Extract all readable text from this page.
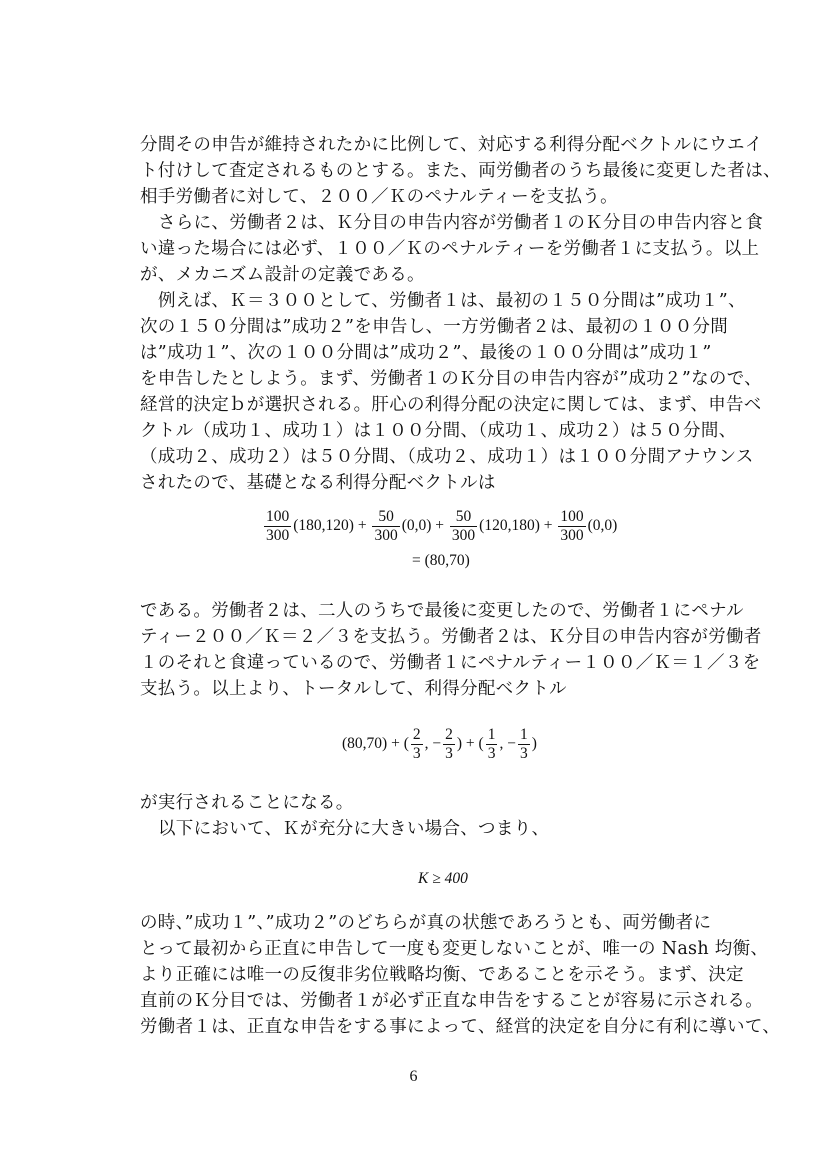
分間その申告が維持されたかに比例して、対応する利得分配ベクトルにウエイ
ト付けして査定されるものとする。また、両労働者のうち最後に変更した者は、
相手労働者に対して、２００／Ｋのペナルティーを支払う。
さらに、労働者２は、Ｋ分目の申告内容が労働者１のＫ分目の申告内容と食
い違った場合には必ず、１００／Ｋのペナルティーを労働者１に支払う。以上
が、メカニズム設計の定義である。
例えば、Ｋ＝３００として、労働者１は、最初の１５０分間は”成功１”、
次の１５０分間は”成功２”を申告し、一方労働者２は、最初の１００分間
は”成功１”、次の１００分間は”成功２”、最後の１００分間は”成功１”
を申告したとしよう。まず、労働者１のＫ分目の申告内容が”成功２”なので、
経営的決定ｂが選択される。肝心の利得分配の決定に関しては、まず、申告ベ
クトル（成功１、成功１）は１００分間、（成功１、成功２）は５０分間、
（成功２、成功２）は５０分間、（成功２、成功１）は１００分間アナウンス
されたので、基礎となる利得分配ベクトルは
$\frac{100}{300} (180,120) + \frac{50}{300} (0,0) + \frac{50}{300} (120,180) + \frac{100}{300} (0,0)$
= (80,70)
である。労働者２は、二人のうちで最後に変更したので、労働者１にペナル
ティー２００／Ｋ＝２／３を支払う。労働者２は、Ｋ分目の申告内容が労働者
１のそれと食違っているので、労働者１にペナルティー１００／Ｋ＝１／３を
支払う。以上より、トータルして、利得分配ベクトル
(80,70) + ( $\frac{2}{3}$ , − $\frac{2}{3}$ ) + ( $\frac{1}{3}$ , − $\frac{1}{3}$ )
が実行されることになる。
以下において、Ｋが充分に大きい場合、つまり、
K ≥ 400
の時、”成功１”、”成功２”のどちらが真の状態であろうとも、両労働者に
とって最初から正直に申告して一度も変更しないことが、唯一の Nash 均衡、
より正確には唯一の反復非劣位戦略均衡、であることを示そう。まず、決定
直前のＫ分目では、労働者１が必ず正直な申告をすることが容易に示される。
労働者１は、正直な申告をする事によって、経営的決定を自分に有利に導いて、
6
